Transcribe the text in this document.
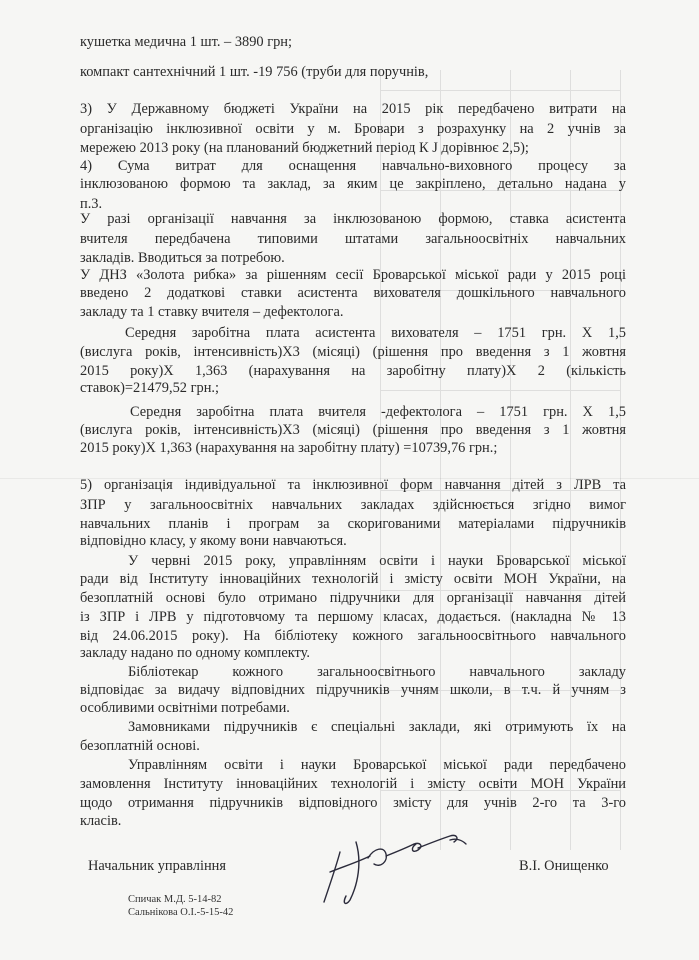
кушетка медична 1 шт. – 3890 грн;
компакт сантехнічний 1 шт. -19 756 (труби для поручнів,
3) У Державному бюджеті України на 2015 рік передбачено витрати на
організацію інклюзивної освіти у м. Бровари з розрахунку на 2 учнів за
мережею 2013 року (на планований бюджетний період К J дорівнює 2,5);
4) Сума витрат для оснащення навчально-виховного процесу за
інклюзованою формою та заклад, за яким це закріплено, детально надана у
п.3.
У разі організації навчання за інклюзованою формою, ставка асистента
вчителя передбачена типовими штатами загальноосвітніх навчальних
закладів. Вводиться за потребою.
У ДНЗ «Золота рибка» за рішенням сесії Броварської міської ради у 2015 році
введено 2 додаткові ставки асистента вихователя дошкільного навчального
закладу та 1 ставку вчителя – дефектолога.
Середня заробітна плата асистента вихователя – 1751 грн. Х 1,5
(вислуга років, інтенсивність)Х3 (місяці) (рішення про введення з 1 жовтня
2015 року)Х 1,363 (нарахування на заробітну плату)Х 2 (кількість
ставок)=21479,52 грн.;
Середня заробітна плата вчителя -дефектолога – 1751 грн. Х 1,5
(вислуга років, інтенсивність)Х3 (місяці) (рішення про введення з 1 жовтня
2015 року)Х 1,363 (нарахування на заробітну плату) =10739,76 грн.;
5) організація індивідуальної та інклюзивної форм навчання дітей з ЛРВ та
ЗПР у загальноосвітніх навчальних закладах здійснюється згідно вимог
навчальних планів і програм за скоригованими матеріалами підручників
відповідно класу, у якому вони навчаються.
У червні 2015 року, управлінням освіти і науки Броварської міської
ради від Інституту інноваційних технологій і змісту освіти МОН України, на
безоплатній основі було отримано підручники для організації навчання дітей
із ЗПР і ЛРВ у підготовчому та першому класах, додається. (накладна № 13
від 24.06.2015 року). На бібліотеку кожного загальноосвітнього навчального
закладу надано по одному комплекту.
Бібліотекар кожного загальноосвітнього навчального закладу
відповідає за видачу відповідних підручників учням школи, в т.ч. й учням з
особливими освітніми потребами.
Замовниками підручників є спеціальні заклади, які отримують їх на
безоплатній основі.
Управлінням освіти і науки Броварської міської ради передбачено
замовлення Інституту інноваційних технологій і змісту освіти МОН України
щодо отримання підручників відповідного змісту для учнів 2-го та 3-го
класів.
Начальник управління	В.І. Онищенко
Спичак М.Д. 5-14-82
Сальнікова О.І.-5-15-42
